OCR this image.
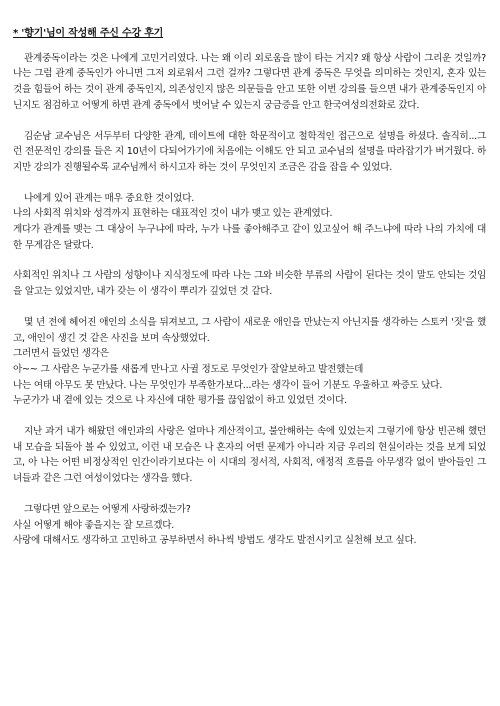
* '향기'님이 작성해 주신 수강 후기

관계중독이라는 것은 나에게 고민거리였다. 나는 왜 이리 외로움을 많이 타는 거지? 왜 항상 사람이 그리운 것일까? 나는 그럼 관계 중독인가 아니면 그저 외로워서 그런 걸까? 그렇다면 관계 중독은 무엇을 의미하는 것인지, 혼자 있는 것을 힘들어 하는 것이 관계 중독인지, 의존성인지 많은 의문들을 안고 또한 이번 강의를 들으면 내가 관계중독인지 아닌지도 점검하고 어떻게 하면 관계 중독에서 벗어날 수 있는지 궁금증을 안고 한국여성의전화로 갔다.

김순남 교수님은 서두부터 다양한 관계, 데이트에 대한 학문적이고 철학적인 접근으로 설명을 하셨다. 솔직히...그런 전문적인 강의를 들은 지 10년이 다되어가기에 처음에는 이해도 안 되고 교수님의 설명을 따라잡기가 버거웠다. 하지만 강의가 진행될수록 교수님께서 하시고자 하는 것이 무엇인지 조금은 감을 잡을 수 있었다.

나에게 있어 관계는 매우 중요한 것이었다.

나의 사회적 위치와 성격까지 표현하는 대표적인 것이 내가 맺고 있는 관계였다.

게다가 관계를 맺는 그 대상이 누구냐에 따라, 누가 나를 좋아해주고 같이 있고싶어 해 주느냐에 따라 나의 가치에 대한 무게감은 달랐다.

사회적인 위치나 그 사람의 성향이나 지식정도에 따라 나는 그와 비슷한 부류의 사람이 된다는 것이 말도 안되는 것임을 알고는 있었지만, 내가 갖는 이 생각이 뿌리가 깊었던 것 같다.

몇 년 전에 헤어진 애인의 소식을 뒤져보고, 그 사람이 새로운 애인을 만났는지 아닌지를 생각하는 스토커 '짓'을 했고, 애인이 생긴 것 같은 사진을 보며 속상했었다.

그러면서 들었던 생각은

아~~ 그 사람은 누군가를 새롭게 만나고 사귈 정도로 무엇인가 잘알보하고 발전했는데

나는 여태 아무도 못 만났다. 나는 무엇인가 부족한가보다...라는 생각이 들어 기분도 우울하고 짜증도 났다.

누군가가 내 곁에 있는 것으로 나 자신에 대한 평가를 끊임없이 하고 있었던 것이다.

지난 과거 내가 해왔던 애인과의 사랑은 얼마나 계산적이고, 불안해하는 속에 있었는지 그렇기에 항상 빈곤해 했던 내 모습을 되돌아 볼 수 있었고, 이런 내 모습은 나 혼자의 어떤 문제가 아니라 지금 우리의 현실이라는 것을 보게 되었고, 아 나는 어떤 비정상적인 인간이라기보다는 이 시대의 정서적, 사회적, 애정적 흐름을 아무생각 없이 받아들인 그녀들과 같은 그런 여성이었다는 생각을 했다.

그렇다면 앞으로는 어떻게 사랑하겠는가?

사실 어떻게 해야 좋을지는 잘 모르겠다.

사랑에 대해서도 생각하고 고민하고 공부하면서 하나씩 방법도 생각도 발전시키고 실천해 보고 싶다.
